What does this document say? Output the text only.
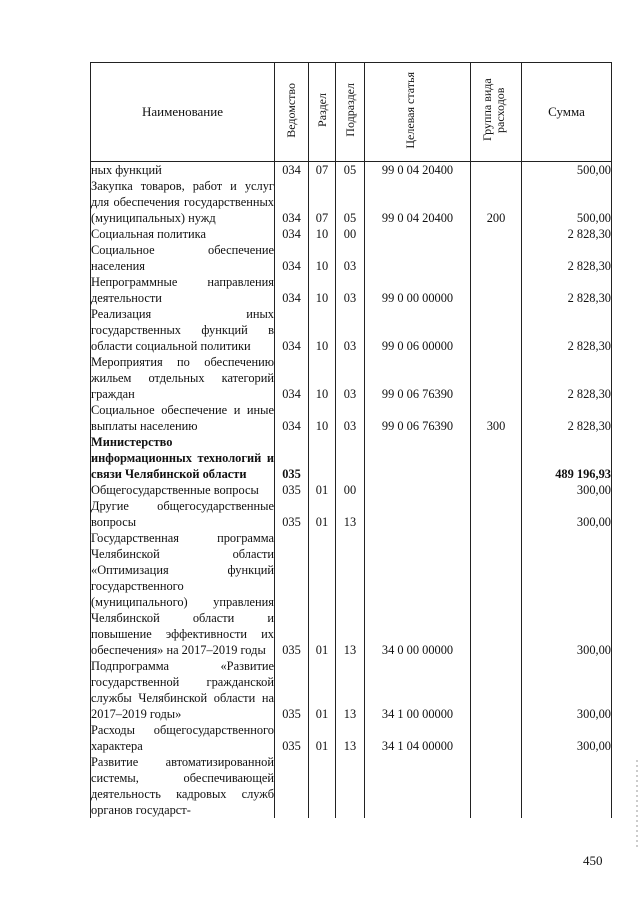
Наименование	Ведомство	Раздел	Подраздел	Целевая статья	Группа вида расходов	Сумма
ных функций	034	07	05	99 0 04 20400		500,00
Закупка товаров, работ и услуг для обеспечения государственных (муниципальных) нужд	034	07	05	99 0 04 20400	200	500,00
Социальная политика	034	10	00			2 828,30
Социальное обеспечение населения	034	10	03			2 828,30
Непрограммные направления деятельности	034	10	03	99 0 00 00000		2 828,30
Реализация иных государственных функций в области социальной политики	034	10	03	99 0 06 00000		2 828,30
Мероприятия по обеспечению жильем отдельных категорий граждан	034	10	03	99 0 06 76390		2 828,30
Социальное обеспечение и иные выплаты населению	034	10	03	99 0 06 76390	300	2 828,30
Министерство информационных технологий и связи Челябинской области	035					489 196,93
Общегосударственные вопросы	035	01	00			300,00
Другие общегосударственные вопросы	035	01	13			300,00
Государственная программа Челябинской области «Оптимизация функций государственного (муниципального) управления Челябинской области и повышение эффективности их обеспечения» на 2017–2019 годы	035	01	13	34 0 00 00000		300,00
Подпрограмма «Развитие государственной гражданской службы Челябинской области на 2017–2019 годы»	035	01	13	34 1 00 00000		300,00
Расходы общегосударственного характера	035	01	13	34 1 04 00000		300,00
Развитие автоматизированной системы, обеспечивающей деятельность кадровых служб органов государст-						
450
